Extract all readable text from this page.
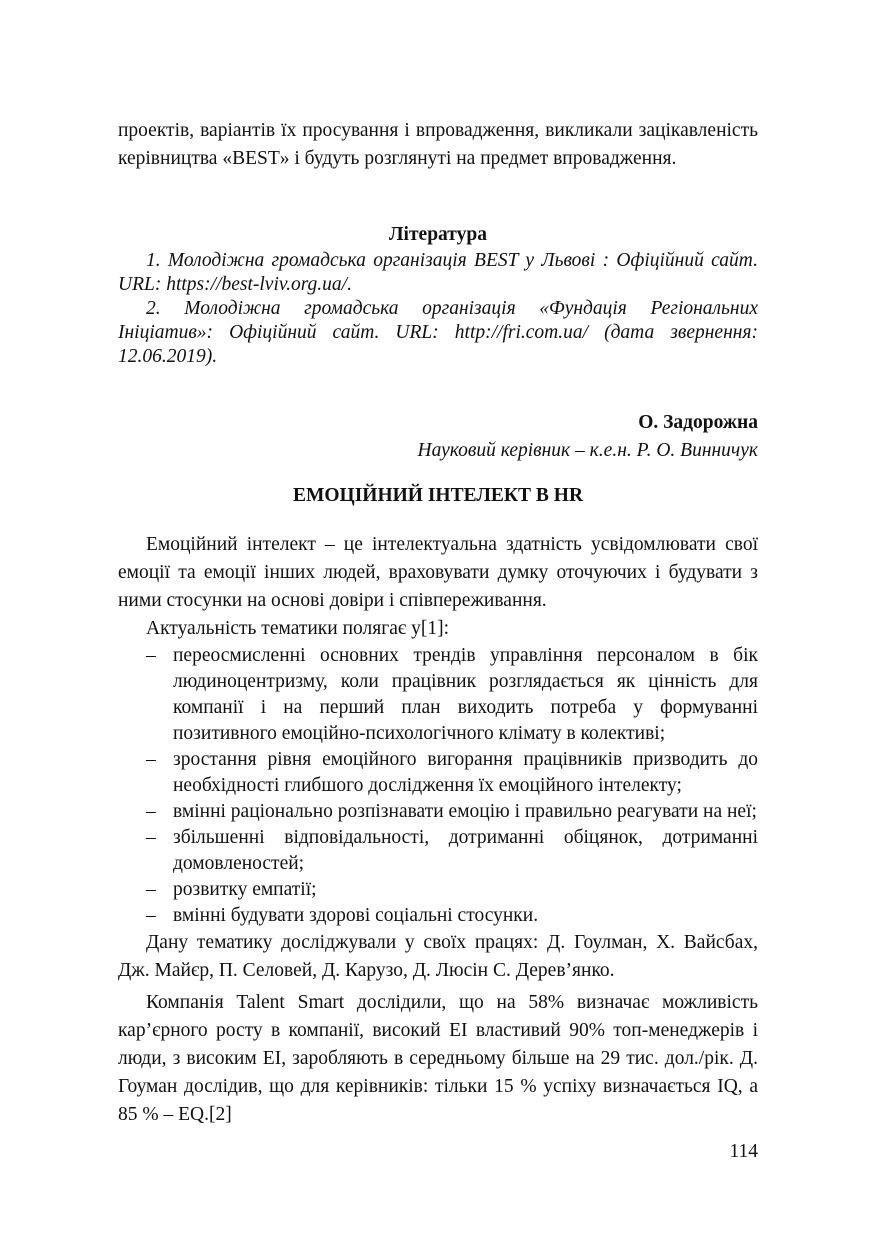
проектів, варіантів їх просування і впровадження, викликали зацікавленість керівництва «BEST» і будуть розглянуті на предмет впровадження.

Література

1. Молодіжна громадська організація BEST у Львові : Офіційний сайт. URL: https://best-lviv.org.ua/.

2. Молодіжна громадська організація «Фундація Регіональних Ініціатив»: Офіційний сайт. URL: http://fri.com.ua/ (дата звернення: 12.06.2019).

О. Задорожна

Науковий керівник – к.е.н. Р. О. Винничук

ЕМОЦІЙНИЙ ІНТЕЛЕКТ В HR

Емоційний інтелект – це інтелектуальна здатність усвідомлювати свої емоції та емоції інших людей, враховувати думку оточуючих і будувати з ними стосунки на основі довіри і співпереживання.

Актуальність тематики полягає у[1]:

– переосмисленні основних трендів управління персоналом в бік людиноцентризму, коли працівник розглядається як цінність для компанії і на перший план виходить потреба у формуванні позитивного емоційно-психологічного клімату в колективі;
– зростання рівня емоційного вигорання працівників призводить до необхідності глибшого дослідження їх емоційного інтелекту;
– вмінні раціонально розпізнавати емоцію і правильно реагувати на неї;
– збільшенні відповідальності, дотриманні обіцянок, дотриманні домовленостей;
– розвитку емпатії;
– вмінні будувати здорові соціальні стосунки.

Дану тематику досліджували у своїх працях: Д. Гоулман, Х. Вайсбах, Дж. Майєр, П. Селовей, Д. Карузо, Д. Люсін С. Дерев’янко.

Компанія Talent Smart дослідили, що на 58% визначає можливість кар’єрного росту в компанії, високий ЕІ властивий 90% топ-менеджерів і люди, з високим ЕІ, заробляють в середньому більше на 29 тис. дол./рік. Д. Гоуман дослідив, що для керівників: тільки 15 % успіху визначається IQ, а 85 % – EQ.[2]

114
